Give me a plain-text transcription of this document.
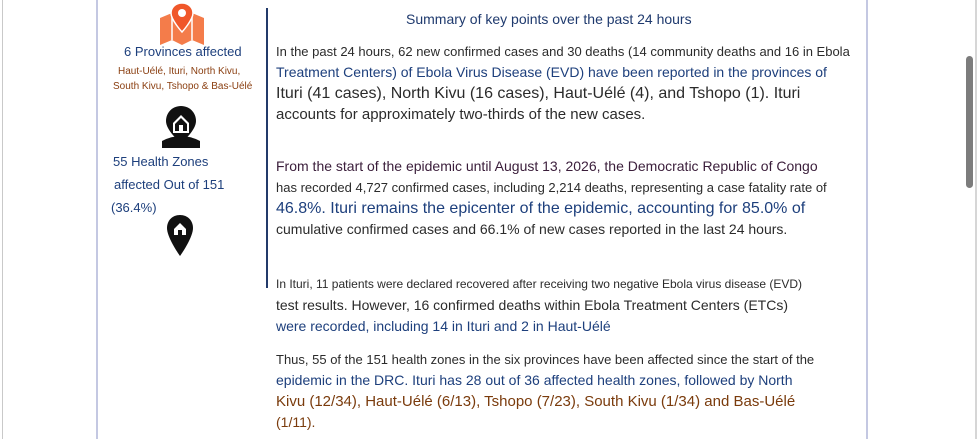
6 Provinces affected
Haut-Uélé, Ituri, North Kivu,
South Kivu, Tshopo & Bas-Uélé
55 Health Zones
affected Out of 151
(36.4%)
Summary of key points over the past 24 hours
In the past 24 hours, 62 new confirmed cases and 30 deaths (14 community deaths and 16 in Ebola
Treatment Centers) of Ebola Virus Disease (EVD) have been reported in the provinces of
Ituri (41 cases), North Kivu (16 cases), Haut-Uélé (4), and Tshopo (1). Ituri
accounts for approximately two-thirds of the new cases.
From the start of the epidemic until August 13, 2026, the Democratic Republic of Congo
has recorded 4,727 confirmed cases, including 2,214 deaths, representing a case fatality rate of
46.8%. Ituri remains the epicenter of the epidemic, accounting for 85.0% of
cumulative confirmed cases and 66.1% of new cases reported in the last 24 hours.
In Ituri, 11 patients were declared recovered after receiving two negative Ebola virus disease (EVD)
test results. However, 16 confirmed deaths within Ebola Treatment Centers (ETCs)
were recorded, including 14 in Ituri and 2 in Haut-Uélé
Thus, 55 of the 151 health zones in the six provinces have been affected since the start of the
epidemic in the DRC. Ituri has 28 out of 36 affected health zones, followed by North
Kivu (12/34), Haut-Uélé (6/13), Tshopo (7/23), South Kivu (1/34) and Bas-Uélé
(1/11).
